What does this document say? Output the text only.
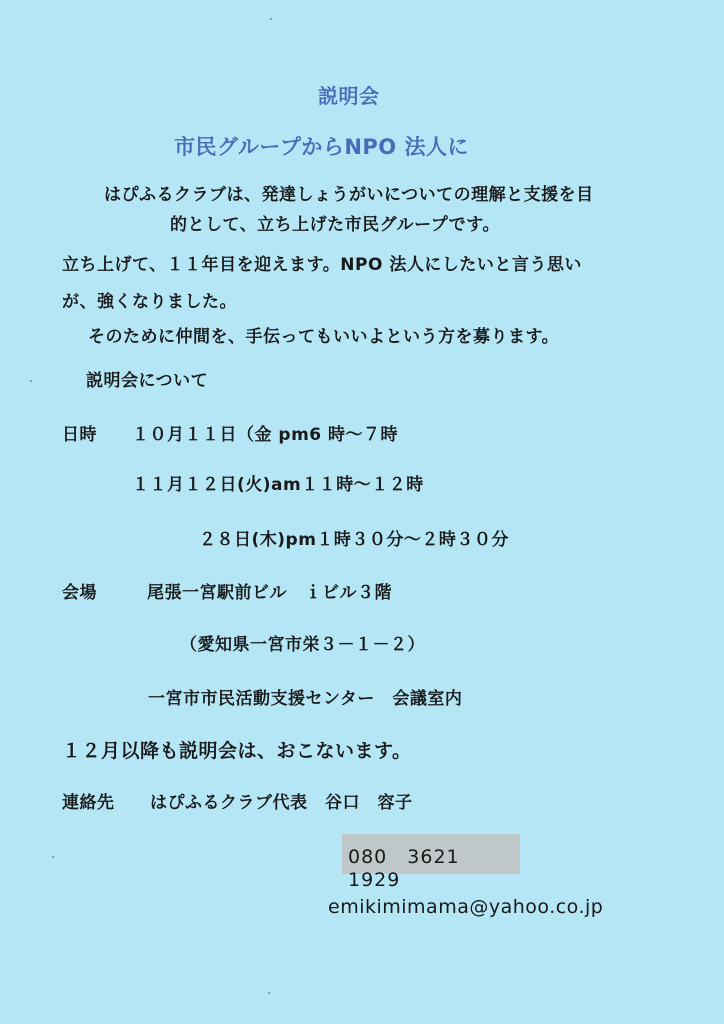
説明会
市民グループからNPO 法人に
はぴふるクラブは、発達しょうがいについての理解と支援を目
的として、立ち上げた市民グループです。
立ち上げて、１１年目を迎えます。NPO 法人にしたいと言う思い
が、強くなりました。
そのために仲間を、手伝ってもいいよという方を募ります。
説明会について
日時 １０月１１日（金 pm6 時～７時
１１月１２日(火)am１１時～１２時
２８日(木)pm１時３０分～２時３０分
会場	尾張一宮駅前ビル　ｉビル３階
（愛知県一宮市栄３－１－２）
一宮市市民活動支援センター　会議室内
１２月以降も説明会は、おこないます。
連絡先 はぴふるクラブ代表　谷口　容子
080　3621　1929
emikimimama@yahoo.co.jp
